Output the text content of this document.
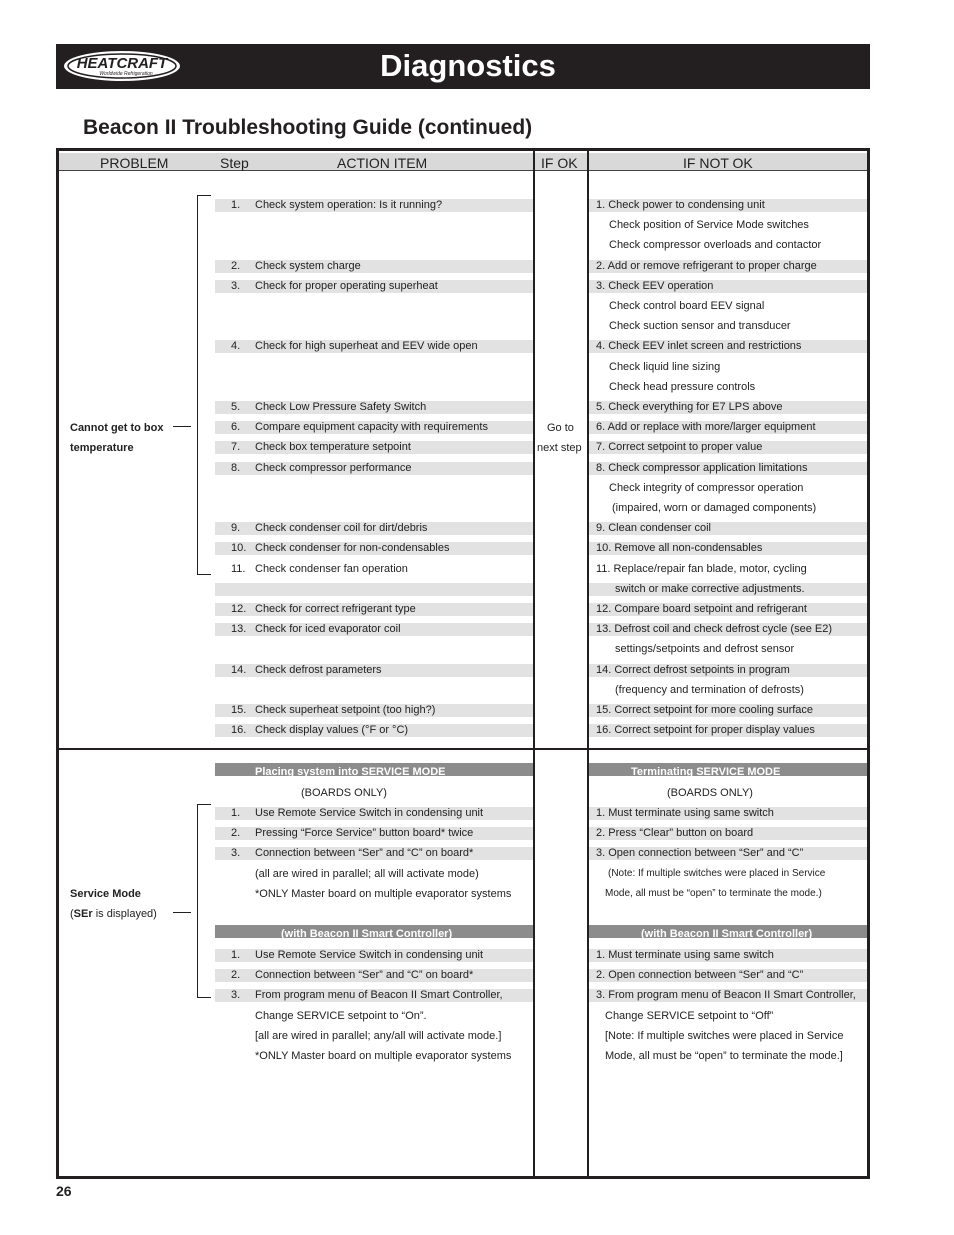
HEATCRAFT
Worldwide Refrigeration	Diagnostics
Beacon II Troubleshooting Guide (continued)
PROBLEM	Step	ACTION ITEM	IF OK	IF NOT OK
Cannot get to box
temperature
Go to
next step
Placing system into SERVICE MODE	Terminating SERVICE MODE
(BOARDS ONLY)	(BOARDS ONLY)
(with Beacon II Smart Controller)	(with Beacon II Smart Controller)
Service Mode
(SEr is displayed)
26
1. Check system operation: Is it running?	1. Check power to condensing unit
Check position of Service Mode switches
Check compressor overloads and contactor
2. Check system charge	2. Add or remove refrigerant to proper charge
3. Check for proper operating superheat	3. Check EEV operation
Check control board EEV signal
Check suction sensor and transducer
4. Check for high superheat and EEV wide open	4. Check EEV inlet screen and restrictions
Check liquid line sizing
Check head pressure controls
5. Check Low Pressure Safety Switch	5. Check everything for E7 LPS above
6. Compare equipment capacity with requirements	6. Add or replace with more/larger equipment
7. Check box temperature setpoint	7. Correct setpoint to proper value
8. Check compressor performance	8. Check compressor application limitations
Check integrity of compressor operation
(impaired, worn or damaged components)
9. Check condenser coil for dirt/debris	9. Clean condenser coil
10. Check condenser for non-condensables	10. Remove all non-condensables
11. Check condenser fan operation	11. Replace/repair fan blade, motor, cycling
switch or make corrective adjustments.
12. Check for correct refrigerant type	12. Compare board setpoint and refrigerant
13. Check for iced evaporator coil	13. Defrost coil and check defrost cycle (see E2)
settings/setpoints and defrost sensor
14. Check defrost parameters	14. Correct defrost setpoints in program
(frequency and termination of defrosts)
15. Check superheat setpoint (too high?)	15. Correct setpoint for more cooling surface
16. Check display values (°F or °C)	16. Correct setpoint for proper display values
1. Use Remote Service Switch in condensing unit	1. Must terminate using same switch
2. Pressing “Force Service” button board* twice	2. Press “Clear” button on board
3. Connection between “Ser” and “C” on board*	3. Open connection between “Ser” and “C”
(all are wired in parallel; all will activate mode)	(Note: If multiple switches were placed in Service
*ONLY Master board on multiple evaporator systems	Mode, all must be “open” to terminate the mode.)
1. Use Remote Service Switch in condensing unit	1. Must terminate using same switch
2. Connection between “Ser” and “C” on board*	2. Open connection between “Ser” and “C”
3. From program menu of Beacon II Smart Controller,	3. From program menu of Beacon II Smart Controller,
Change SERVICE setpoint to “On”.	Change SERVICE setpoint to “Off”
[all are wired in parallel; any/all will activate mode.]	[Note: If multiple switches were placed in Service
*ONLY Master board on multiple evaporator systems	Mode, all must be “open” to terminate the mode.]
